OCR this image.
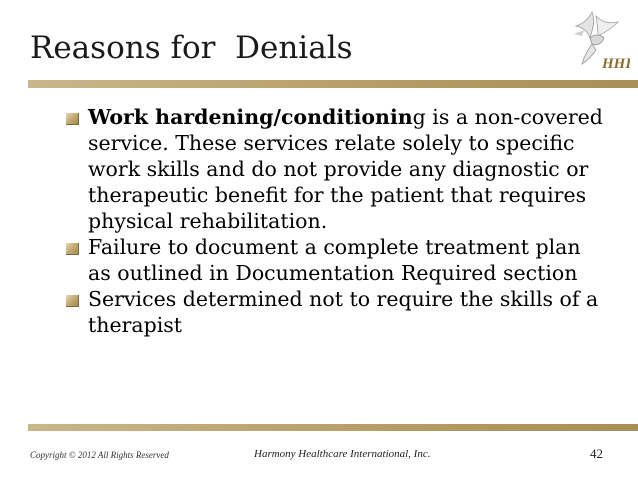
Reasons for  Denials	HHI
Work hardening/conditioning is a non-covered service. These services relate solely to specific work skills and do not provide any diagnostic or therapeutic benefit for the patient that requires physical rehabilitation.
Failure to document a complete treatment plan as outlined in Documentation Required section
Services determined not to require the skills of a therapist
Copyright © 2012 All Rights Reserved	Harmony Healthcare International, Inc.	42
